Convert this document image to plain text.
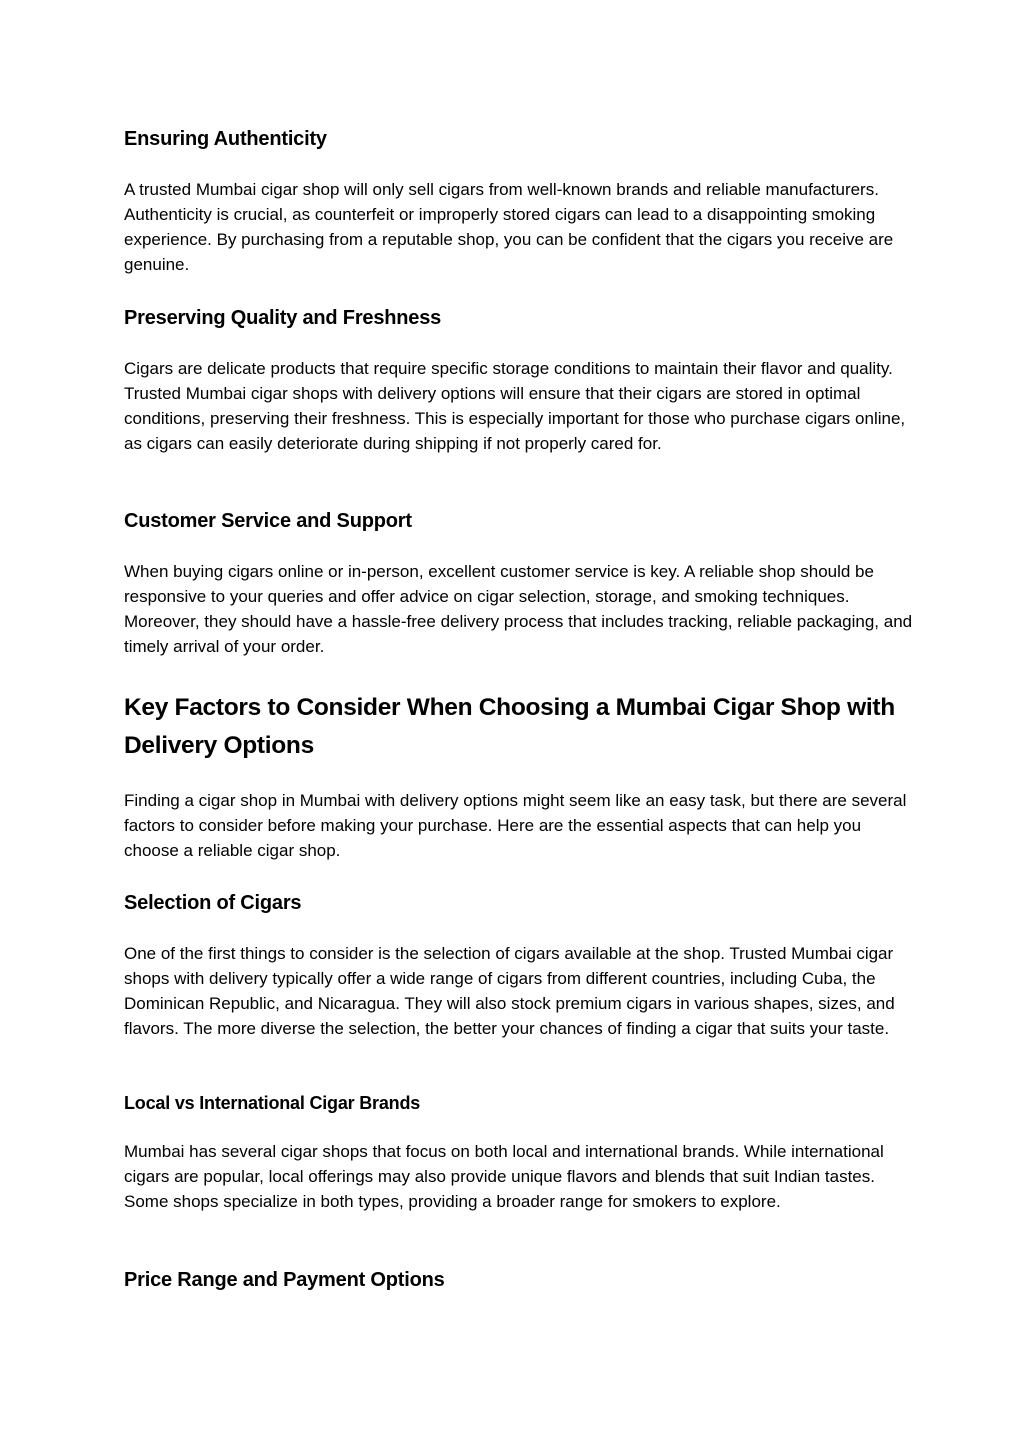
Ensuring Authenticity

A trusted Mumbai cigar shop will only sell cigars from well-known brands and reliable manufacturers. Authenticity is crucial, as counterfeit or improperly stored cigars can lead to a disappointing smoking experience. By purchasing from a reputable shop, you can be confident that the cigars you receive are genuine.

Preserving Quality and Freshness

Cigars are delicate products that require specific storage conditions to maintain their flavor and quality. Trusted Mumbai cigar shops with delivery options will ensure that their cigars are stored in optimal conditions, preserving their freshness. This is especially important for those who purchase cigars online, as cigars can easily deteriorate during shipping if not properly cared for.

Customer Service and Support

When buying cigars online or in-person, excellent customer service is key. A reliable shop should be responsive to your queries and offer advice on cigar selection, storage, and smoking techniques. Moreover, they should have a hassle-free delivery process that includes tracking, reliable packaging, and timely arrival of your order.

Key Factors to Consider When Choosing a Mumbai Cigar Shop with Delivery Options

Finding a cigar shop in Mumbai with delivery options might seem like an easy task, but there are several factors to consider before making your purchase. Here are the essential aspects that can help you choose a reliable cigar shop.

Selection of Cigars

One of the first things to consider is the selection of cigars available at the shop. Trusted Mumbai cigar shops with delivery typically offer a wide range of cigars from different countries, including Cuba, the Dominican Republic, and Nicaragua. They will also stock premium cigars in various shapes, sizes, and flavors. The more diverse the selection, the better your chances of finding a cigar that suits your taste.

Local vs International Cigar Brands

Mumbai has several cigar shops that focus on both local and international brands. While international cigars are popular, local offerings may also provide unique flavors and blends that suit Indian tastes. Some shops specialize in both types, providing a broader range for smokers to explore.

Price Range and Payment Options
